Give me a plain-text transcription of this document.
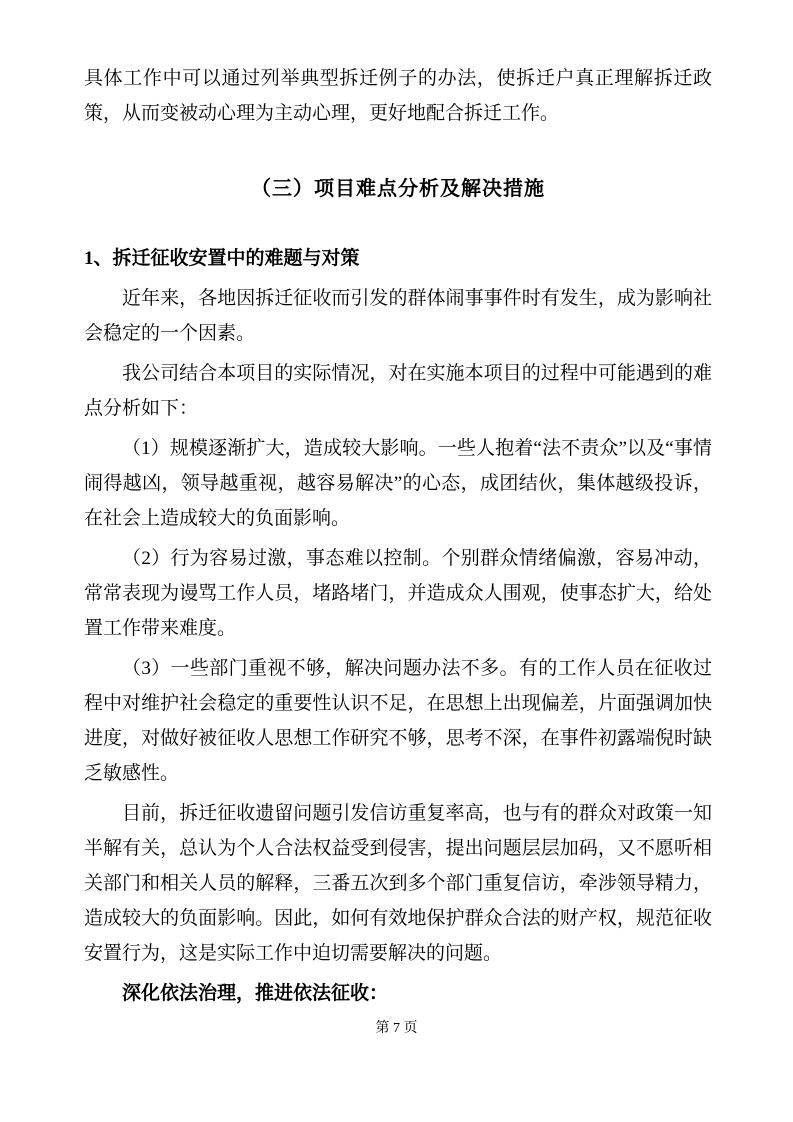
具体工作中可以通过列举典型拆迁例子的办法，使拆迁户真正理解拆迁政策，从而变被动心理为主动心理，更好地配合拆迁工作。

（三）项目难点分析及解决措施
1、拆迁征收安置中的难题与对策

近年来，各地因拆迁征收而引发的群体闹事事件时有发生，成为影响社会稳定的一个因素。

我公司结合本项目的实际情况，对在实施本项目的过程中可能遇到的难点分析如下：

（1）规模逐渐扩大，造成较大影响。一些人抱着“法不责众”以及“事情闹得越凶，领导越重视，越容易解决”的心态，成团结伙，集体越级投诉，在社会上造成较大的负面影响。

（2）行为容易过激，事态难以控制。个别群众情绪偏激，容易冲动，常常表现为谩骂工作人员，堵路堵门，并造成众人围观，使事态扩大，给处置工作带来难度。

（3）一些部门重视不够，解决问题办法不多。有的工作人员在征收过程中对维护社会稳定的重要性认识不足，在思想上出现偏差，片面强调加快进度，对做好被征收人思想工作研究不够，思考不深，在事件初露端倪时缺乏敏感性。

目前，拆迁征收遗留问题引发信访重复率高，也与有的群众对政策一知半解有关，总认为个人合法权益受到侵害，提出问题层层加码，又不愿听相关部门和相关人员的解释，三番五次到多个部门重复信访，牵涉领导精力，造成较大的负面影响。因此，如何有效地保护群众合法的财产权，规范征收安置行为，这是实际工作中迫切需要解决的问题。

深化依法治理，推进依法征收：

第 7 页
